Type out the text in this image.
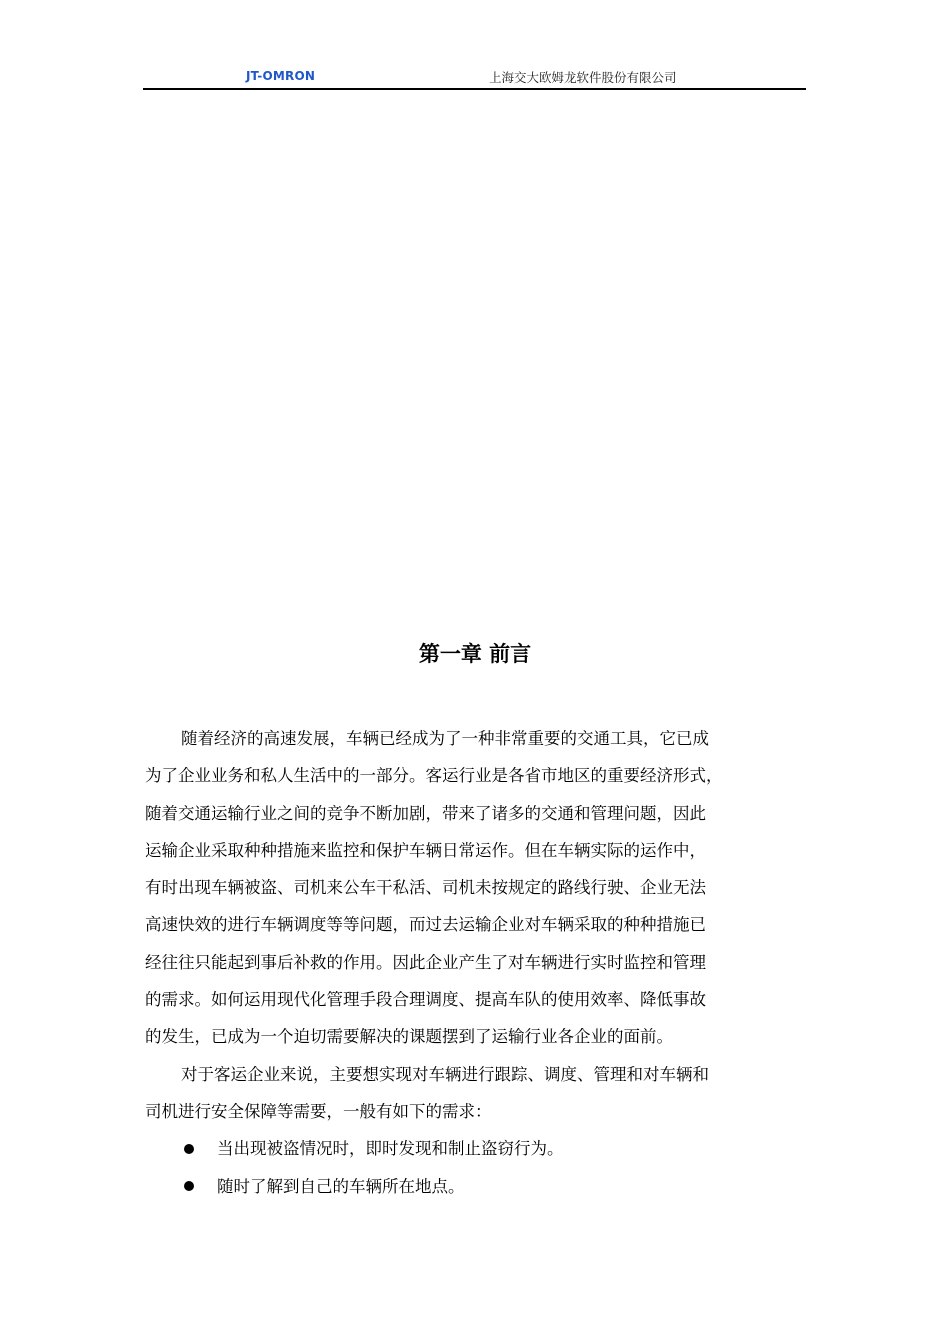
JT-OMRON	上海交大欧姆龙软件股份有限公司
第一章 前言
随着经济的高速发展，车辆已经成为了一种非常重要的交通工具，它已成
为了企业业务和私人生活中的一部分。客运行业是各省市地区的重要经济形式，
随着交通运输行业之间的竞争不断加剧，带来了诸多的交通和管理问题，因此
运输企业采取种种措施来监控和保护车辆日常运作。但在车辆实际的运作中，
有时出现车辆被盗、司机来公车干私活、司机未按规定的路线行驶、企业无法
高速快效的进行车辆调度等等问题，而过去运输企业对车辆采取的种种措施已
经往往只能起到事后补救的作用。因此企业产生了对车辆进行实时监控和管理
的需求。如何运用现代化管理手段合理调度、提高车队的使用效率、降低事故
的发生，已成为一个迫切需要解决的课题摆到了运输行业各企业的面前。
对于客运企业来说，主要想实现对车辆进行跟踪、调度、管理和对车辆和
司机进行安全保障等需要，一般有如下的需求：
当出现被盗情况时，即时发现和制止盗窃行为。
随时了解到自己的车辆所在地点。
